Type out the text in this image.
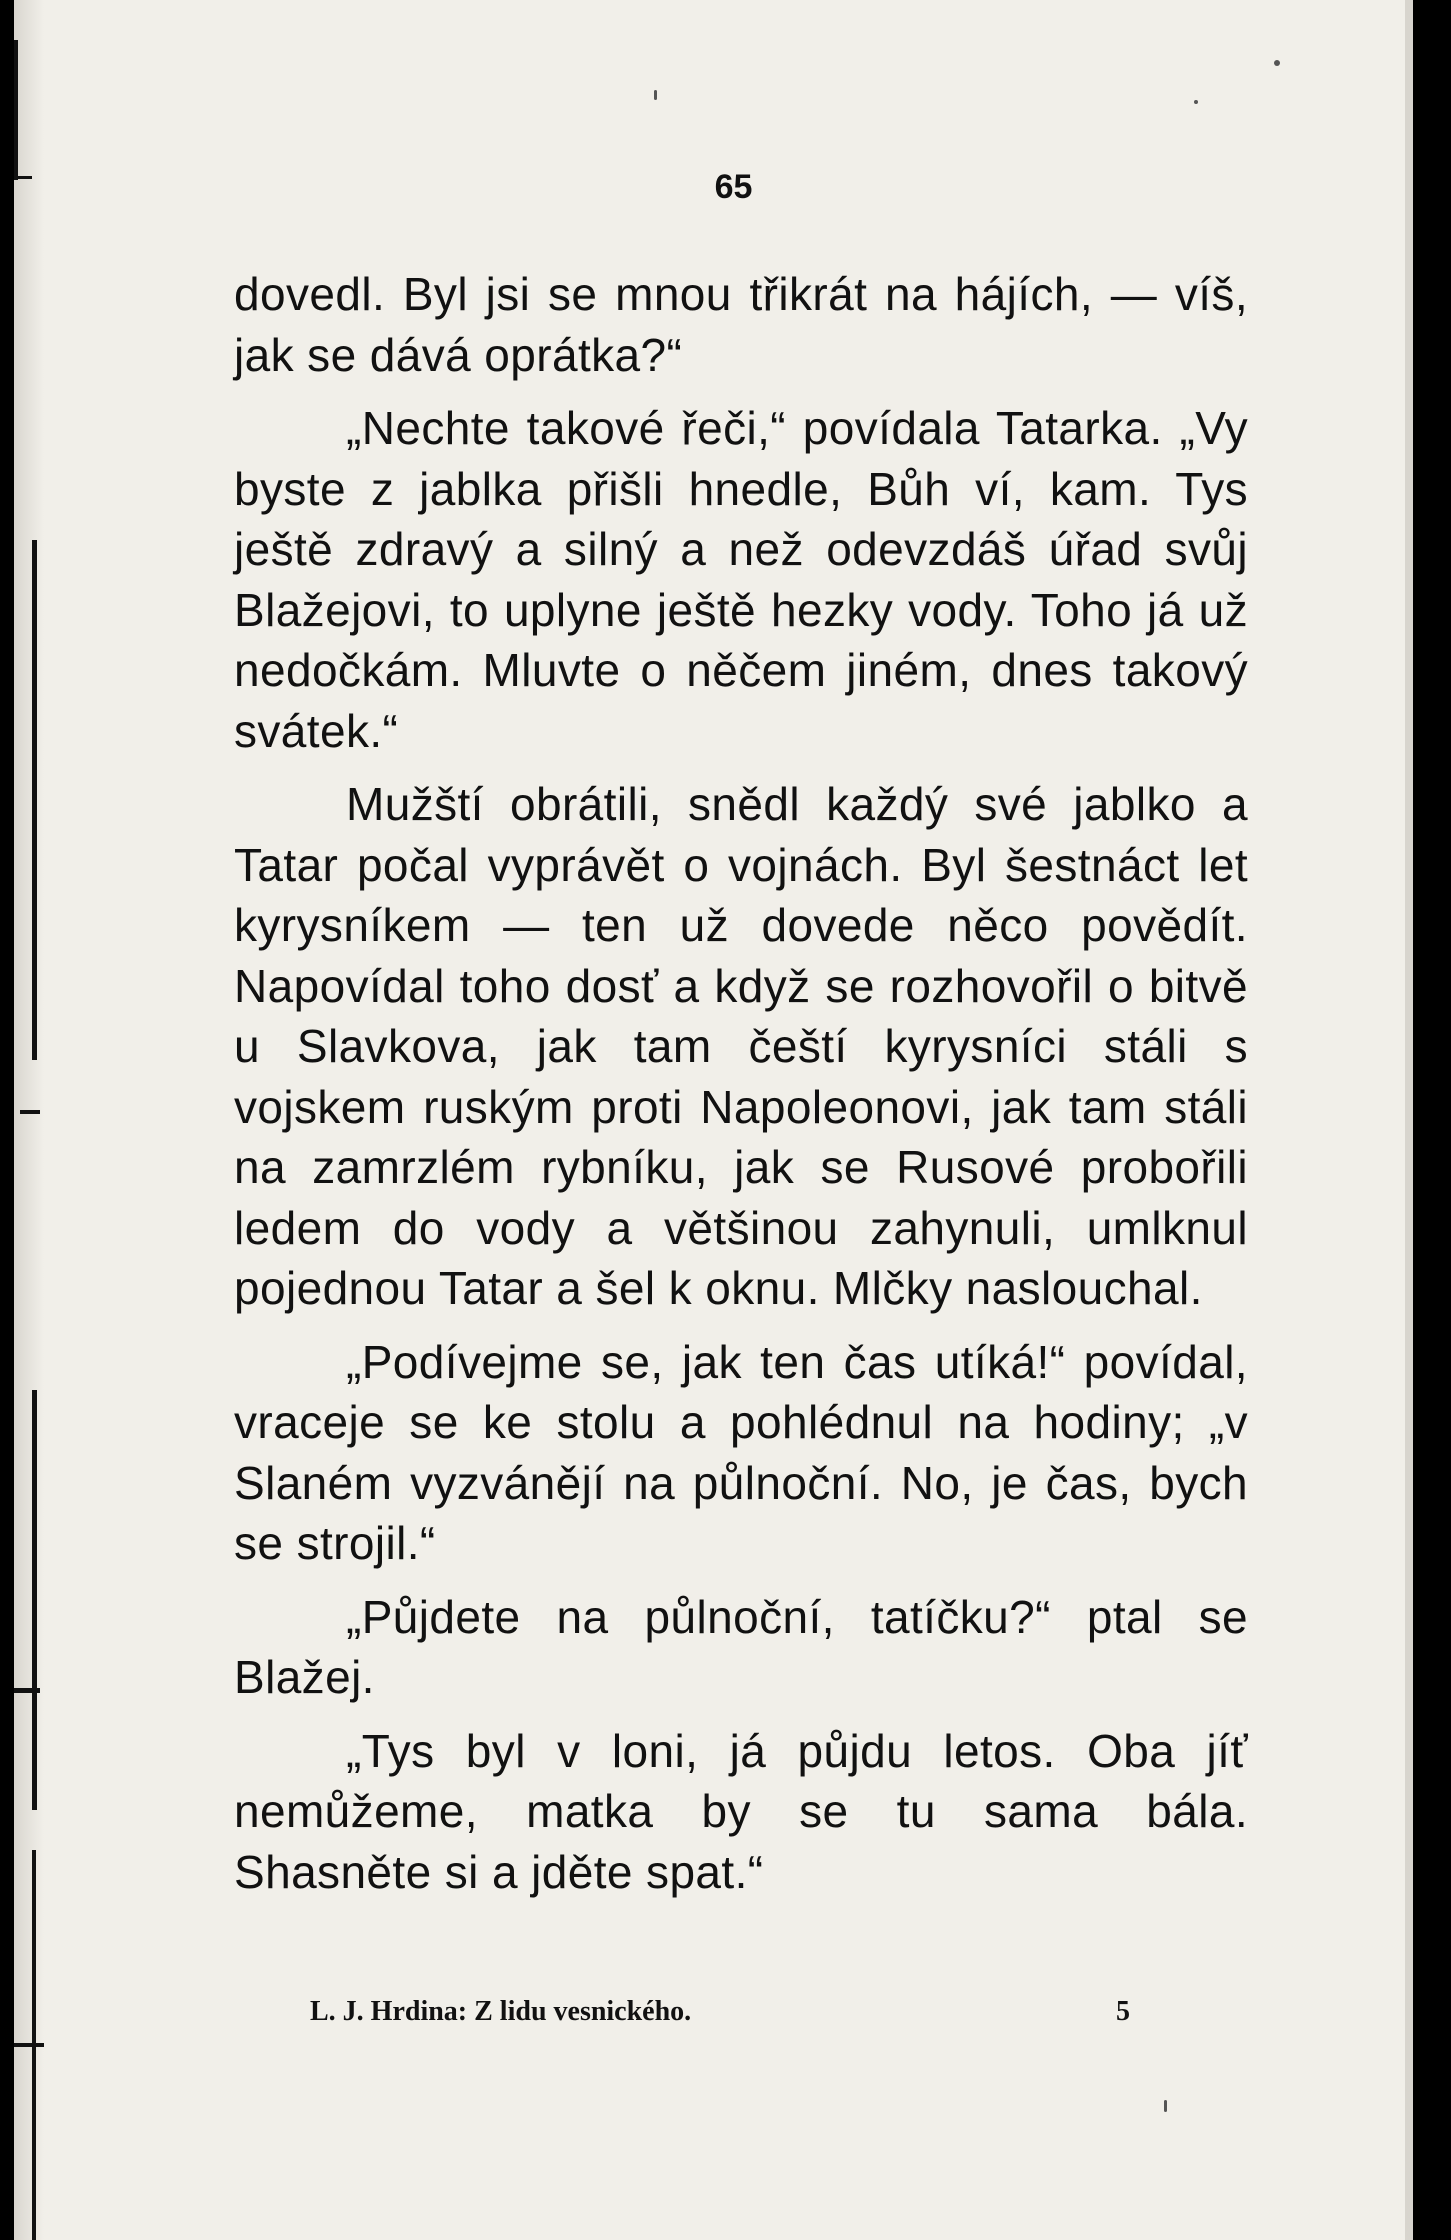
65

dovedl. Byl jsi se mnou třikrát na hájích, — víš, jak se dává oprátka?“

„Nechte takové řeči,“ povídala Tatarka. „Vy byste z jablka přišli hnedle, Bůh ví, kam. Tys ještě zdravý a silný a než odevzdáš úřad svůj Blažejovi, to uplyne ještě hezky vody. Toho já už nedočkám. Mluvte o něčem jiném, dnes takový svátek.“

Mužští obrátili, snědl každý své jablko a Tatar počal vyprávět o vojnách. Byl šestnáct let kyrysníkem — ten už dovede něco povědít. Napovídal toho dosť a když se rozhovořil o bitvě u Slavkova, jak tam čeští kyrysníci stáli s vojskem ruským proti Napoleonovi, jak tam stáli na zamrzlém rybníku, jak se Rusové probořili ledem do vody a většinou zahynuli, umlknul pojednou Tatar a šel k oknu. Mlčky naslouchal.

„Podívejme se, jak ten čas utíká!“ povídal, vraceje se ke stolu a pohlédnul na hodiny; „v Slaném vyzvánějí na půlnoční. No, je čas, bych se strojil.“

„Půjdete na půlnoční, tatíčku?“ ptal se Blažej.

„Tys byl v loni, já půjdu letos. Oba jíť nemůžeme, matka by se tu sama bála. Shasněte si a jděte spat.“

L. J. Hrdina: Z lidu vesnického.	5
